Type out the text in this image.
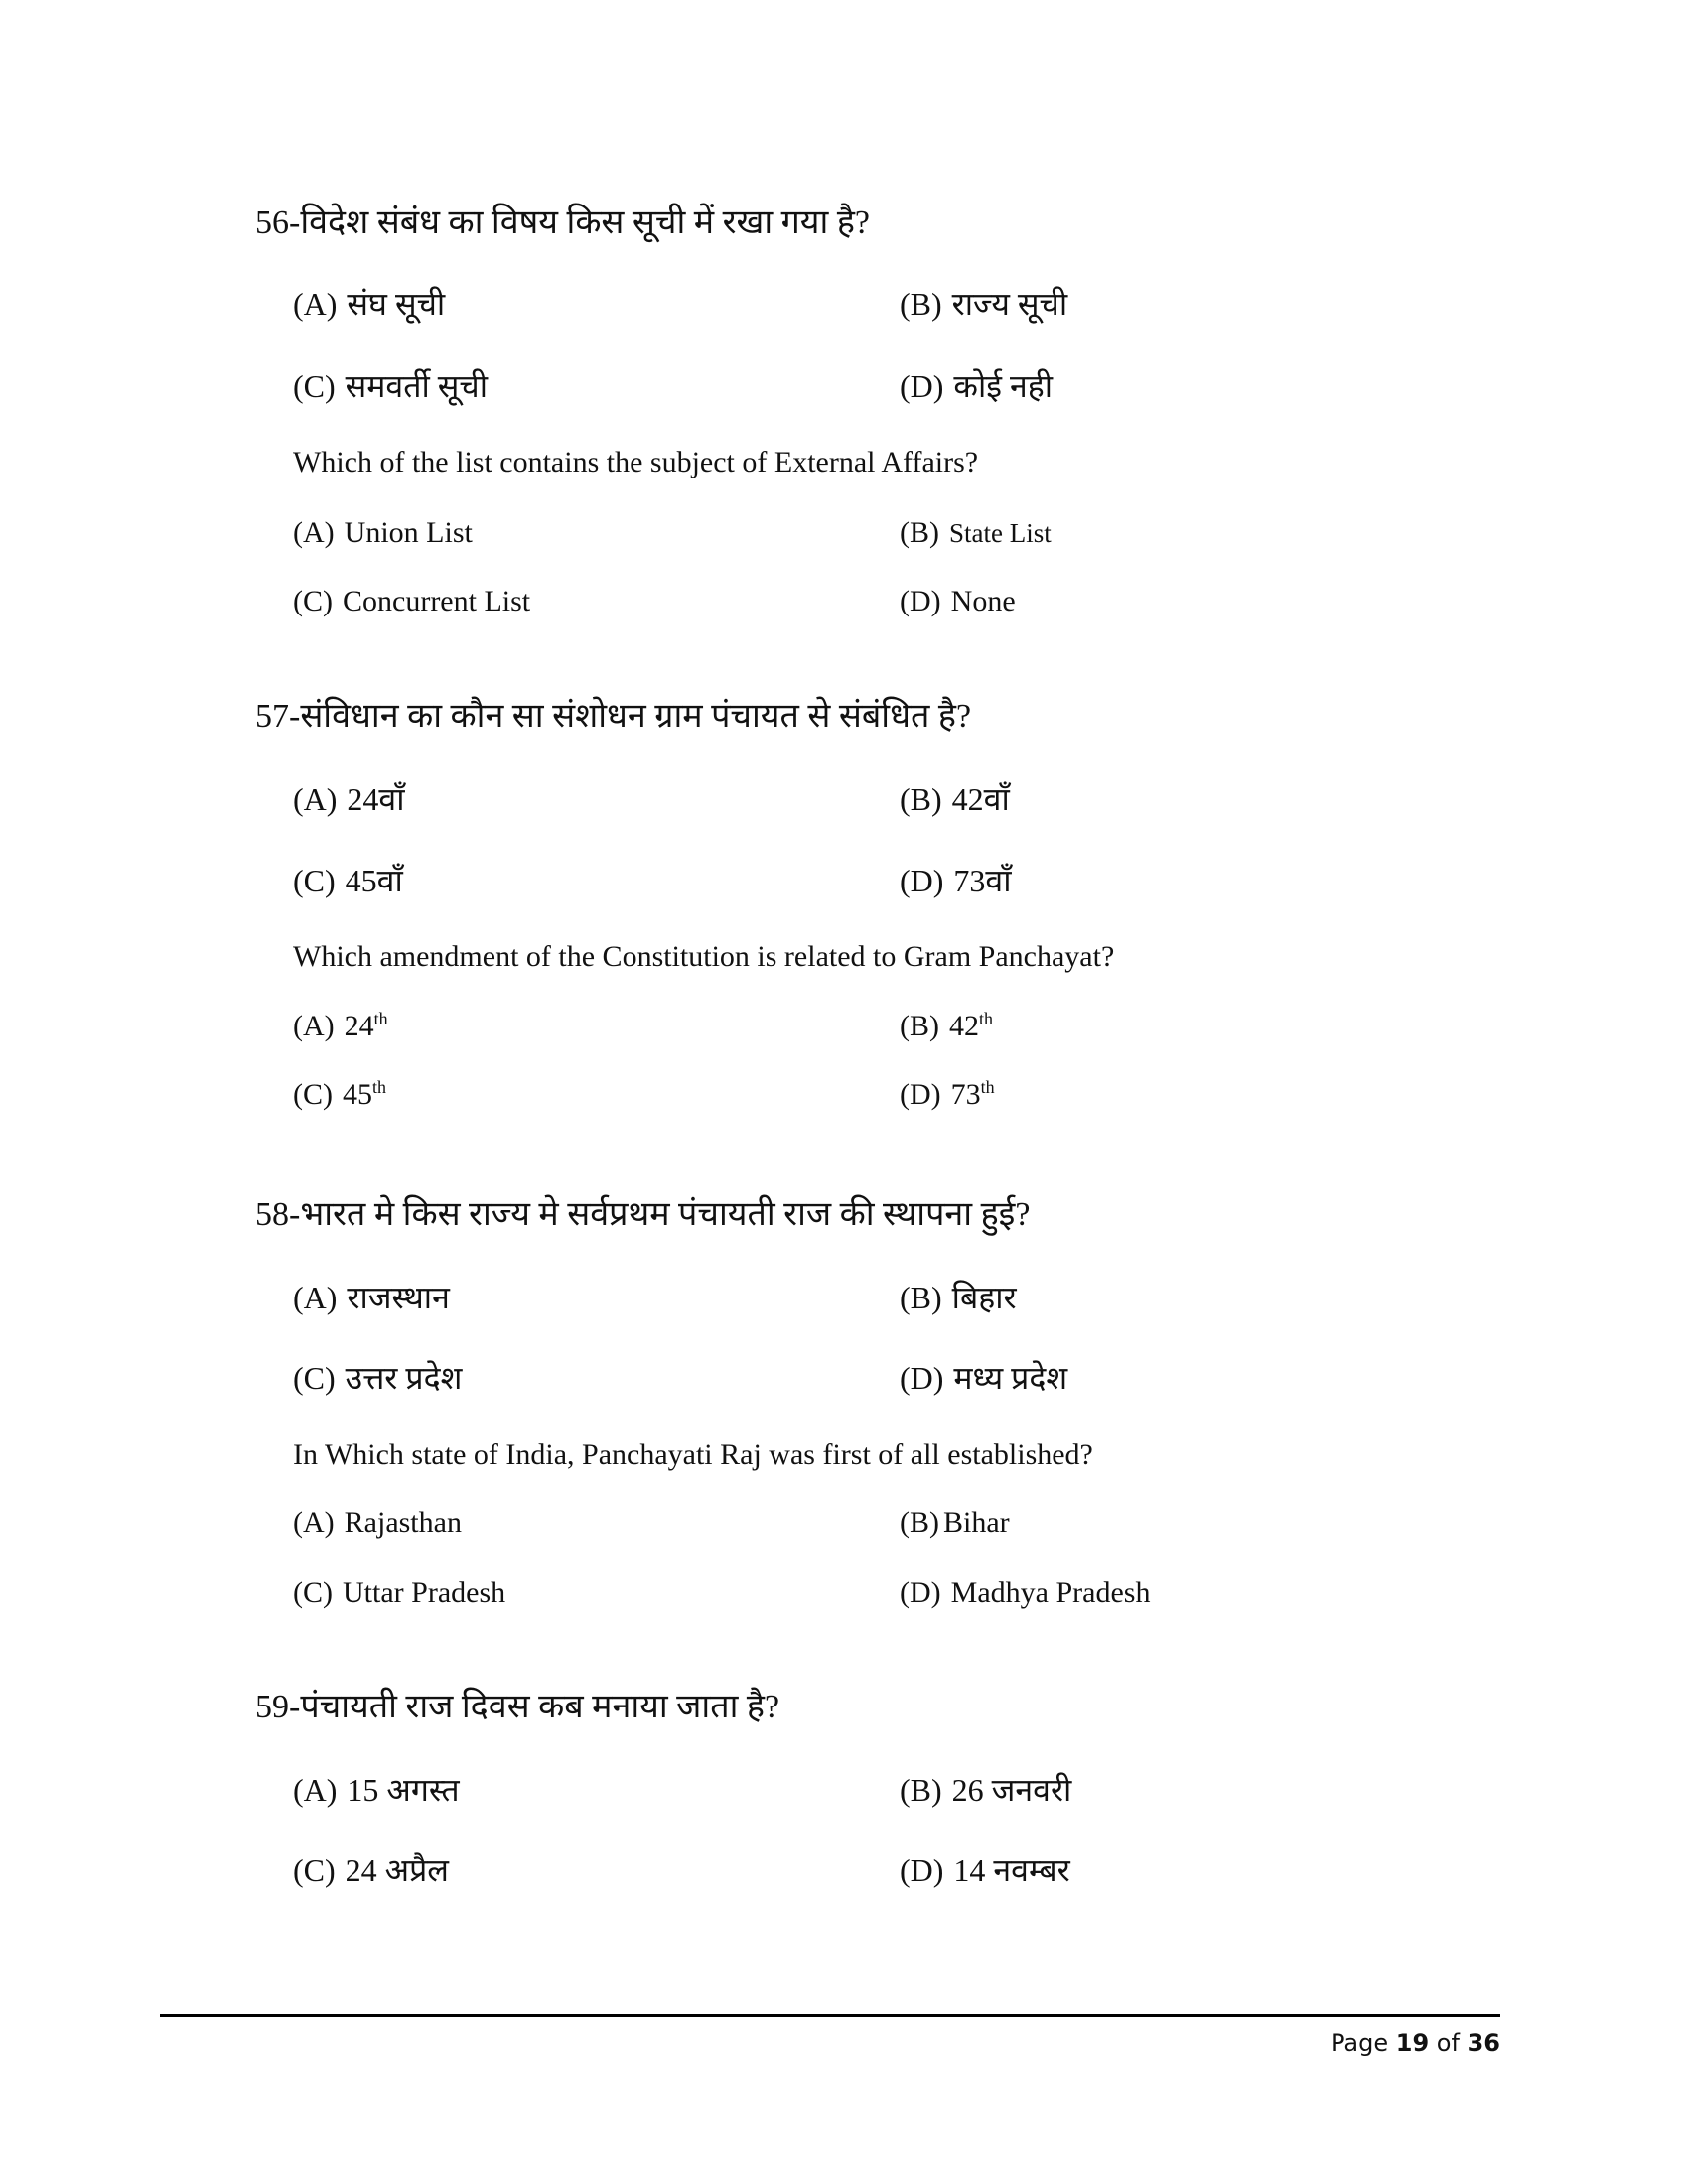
56-विदेश संबंध का विषय किस सूची में रखा गया है?
(A) संघ सूची	(B) राज्य सूची
(C) समवर्ती सूची	(D) कोई नही
Which of the list contains the subject of External Affairs?
(A) Union List	(B) State List
(C) Concurrent List	(D) None
57-संविधान का कौन सा संशोधन ग्राम पंचायत से संबंधित है?
(A) 24वाँ	(B) 42वाँ
(C) 45वाँ	(D) 73वाँ
Which amendment of the Constitution is related to Gram Panchayat?
(A) 24th	(B) 42th
(C) 45th	(D) 73th
58-भारत मे किस राज्य मे सर्वप्रथम पंचायती राज की स्थापना हुई?
(A) राजस्थान	(B) बिहार
(C) उत्तर प्रदेश	(D) मध्य प्रदेश
In Which state of India, Panchayati Raj was first of all established?
(A) Rajasthan	(B) Bihar
(C) Uttar Pradesh	(D) Madhya Pradesh
59-पंचायती राज दिवस कब मनाया जाता है?
(A) 15 अगस्त	(B) 26 जनवरी
(C) 24 अप्रैल	(D) 14 नवम्बर
Page 19 of 36
